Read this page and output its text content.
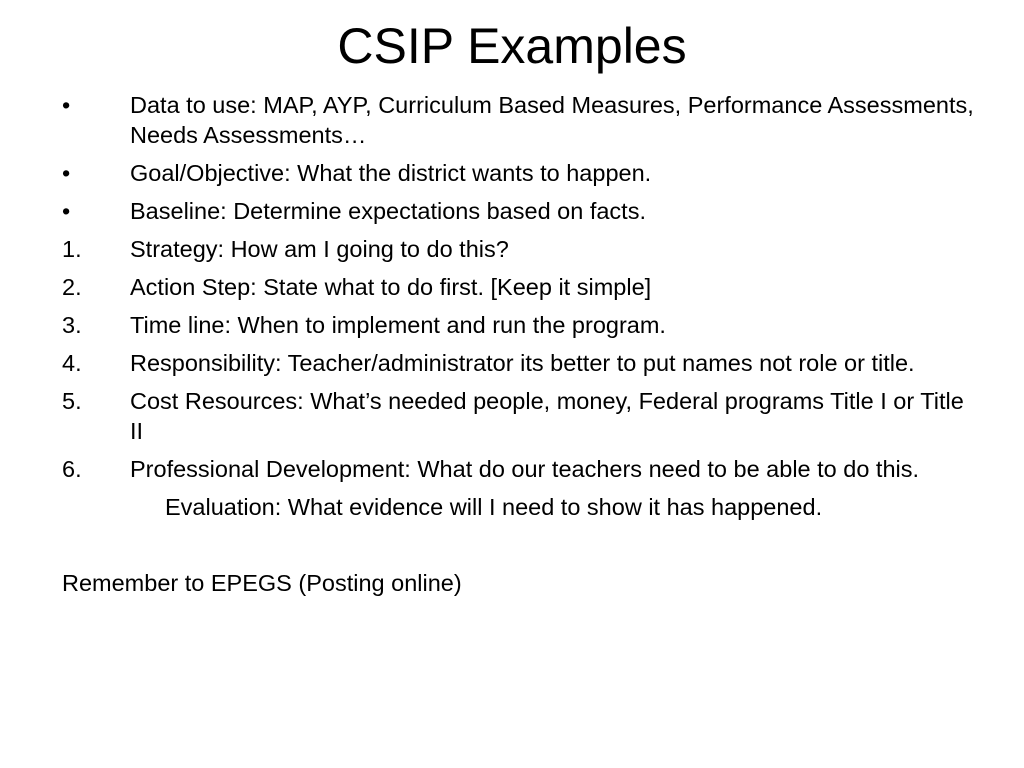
CSIP Examples
•	Data to use: MAP, AYP, Curriculum Based Measures, Performance Assessments, Needs Assessments…
•	Goal/Objective: What the district wants to happen.
•	Baseline: Determine expectations based on facts.
1.	Strategy: How am I going to do this?
2.	Action Step: State what to do first. [Keep it simple]
3.	Time line: When to implement and run the program.
4.	Responsibility: Teacher/administrator its better to put names not role or title.
5.	Cost Resources: What’s needed people, money, Federal programs Title I or Title II
6.	Professional Development: What do our teachers need to be able to do this.
Evaluation: What evidence will I need to show it has happened.
Remember to EPEGS (Posting online)
